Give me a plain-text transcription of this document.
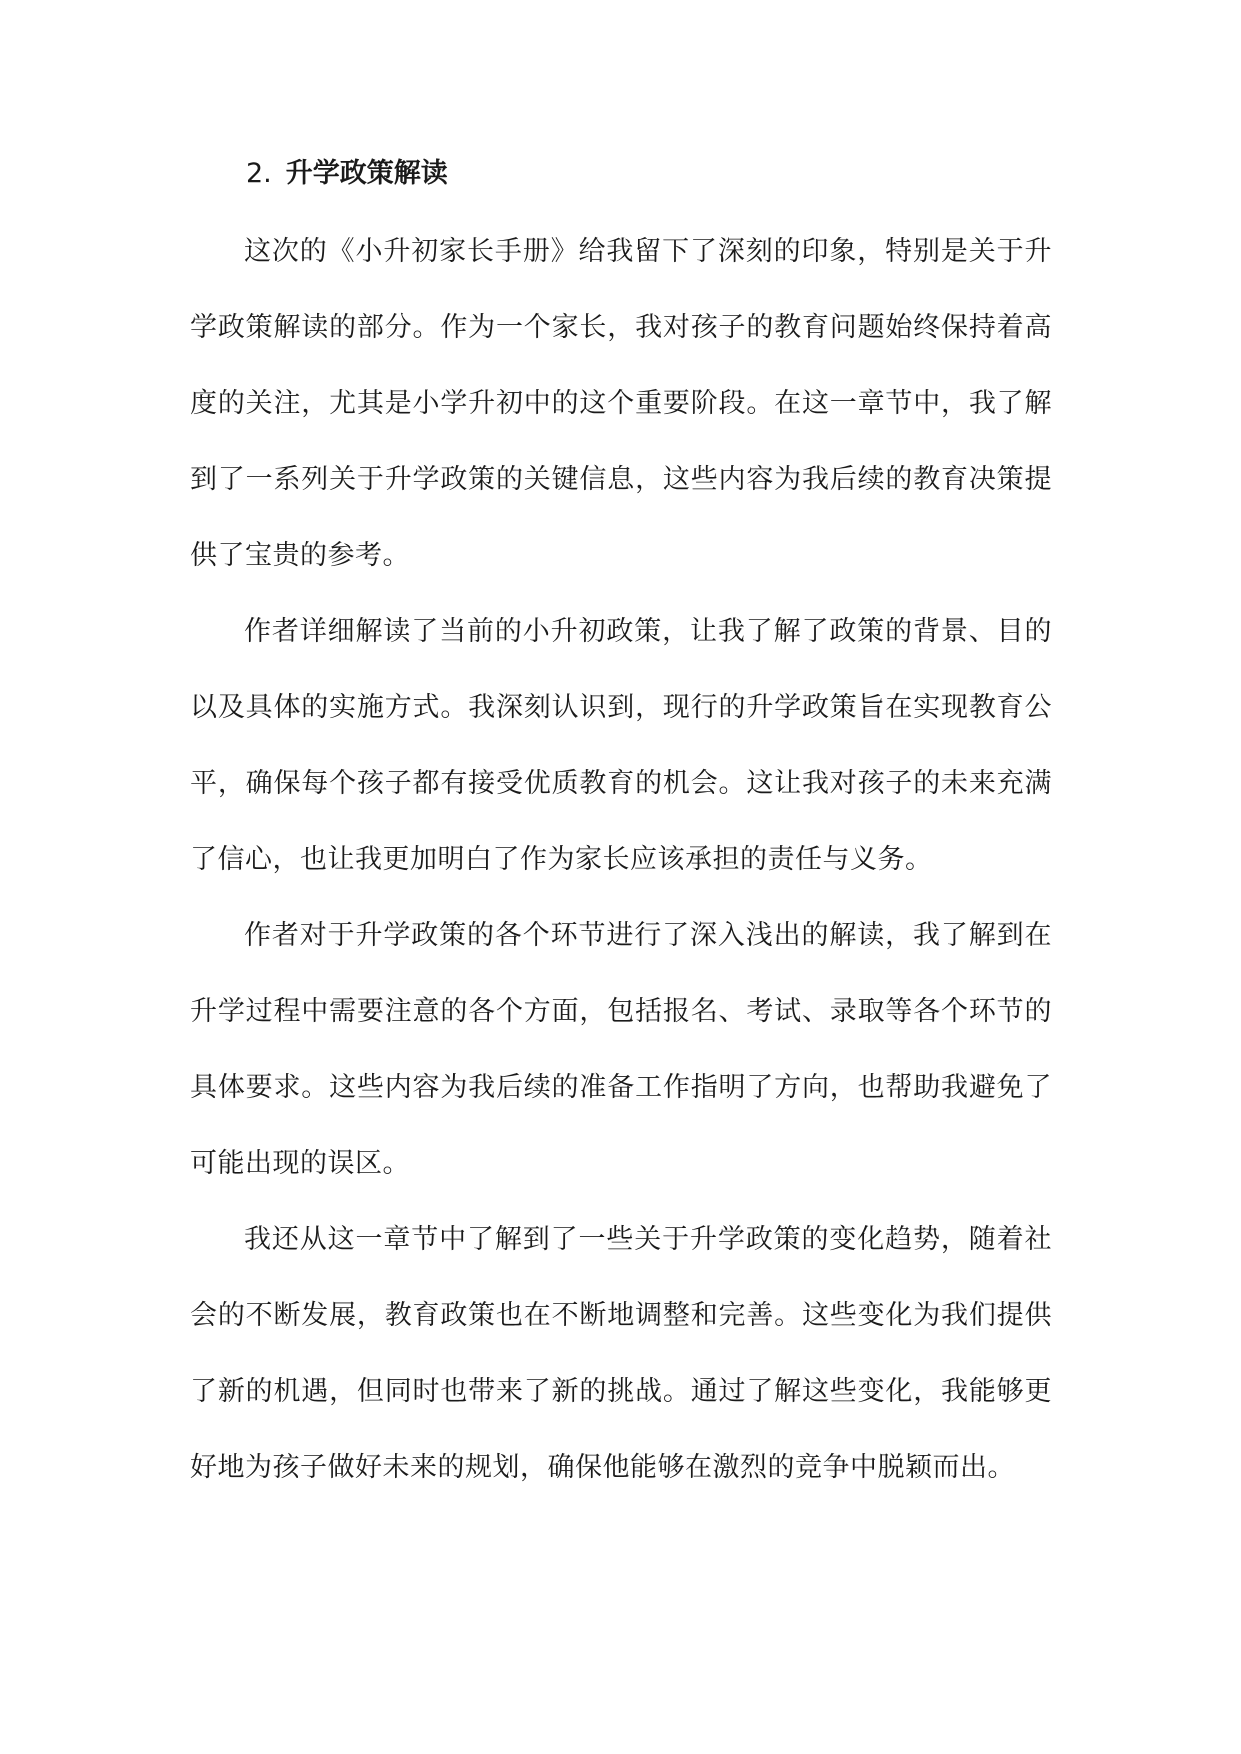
2. 升学政策解读

这次的《小升初家长手册》给我留下了深刻的印象，特别是关于升学政策解读的部分。作为一个家长，我对孩子的教育问题始终保持着高度的关注，尤其是小学升初中的这个重要阶段。在这一章节中，我了解到了一系列关于升学政策的关键信息，这些内容为我后续的教育决策提供了宝贵的参考。

作者详细解读了当前的小升初政策，让我了解了政策的背景、目的以及具体的实施方式。我深刻认识到，现行的升学政策旨在实现教育公平，确保每个孩子都有接受优质教育的机会。这让我对孩子的未来充满了信心，也让我更加明白了作为家长应该承担的责任与义务。

作者对于升学政策的各个环节进行了深入浅出的解读，我了解到在升学过程中需要注意的各个方面，包括报名、考试、录取等各个环节的具体要求。这些内容为我后续的准备工作指明了方向，也帮助我避免了可能出现的误区。

我还从这一章节中了解到了一些关于升学政策的变化趋势，随着社会的不断发展，教育政策也在不断地调整和完善。这些变化为我们提供了新的机遇，但同时也带来了新的挑战。通过了解这些变化，我能够更好地为孩子做好未来的规划，确保他能够在激烈的竞争中脱颖而出。
